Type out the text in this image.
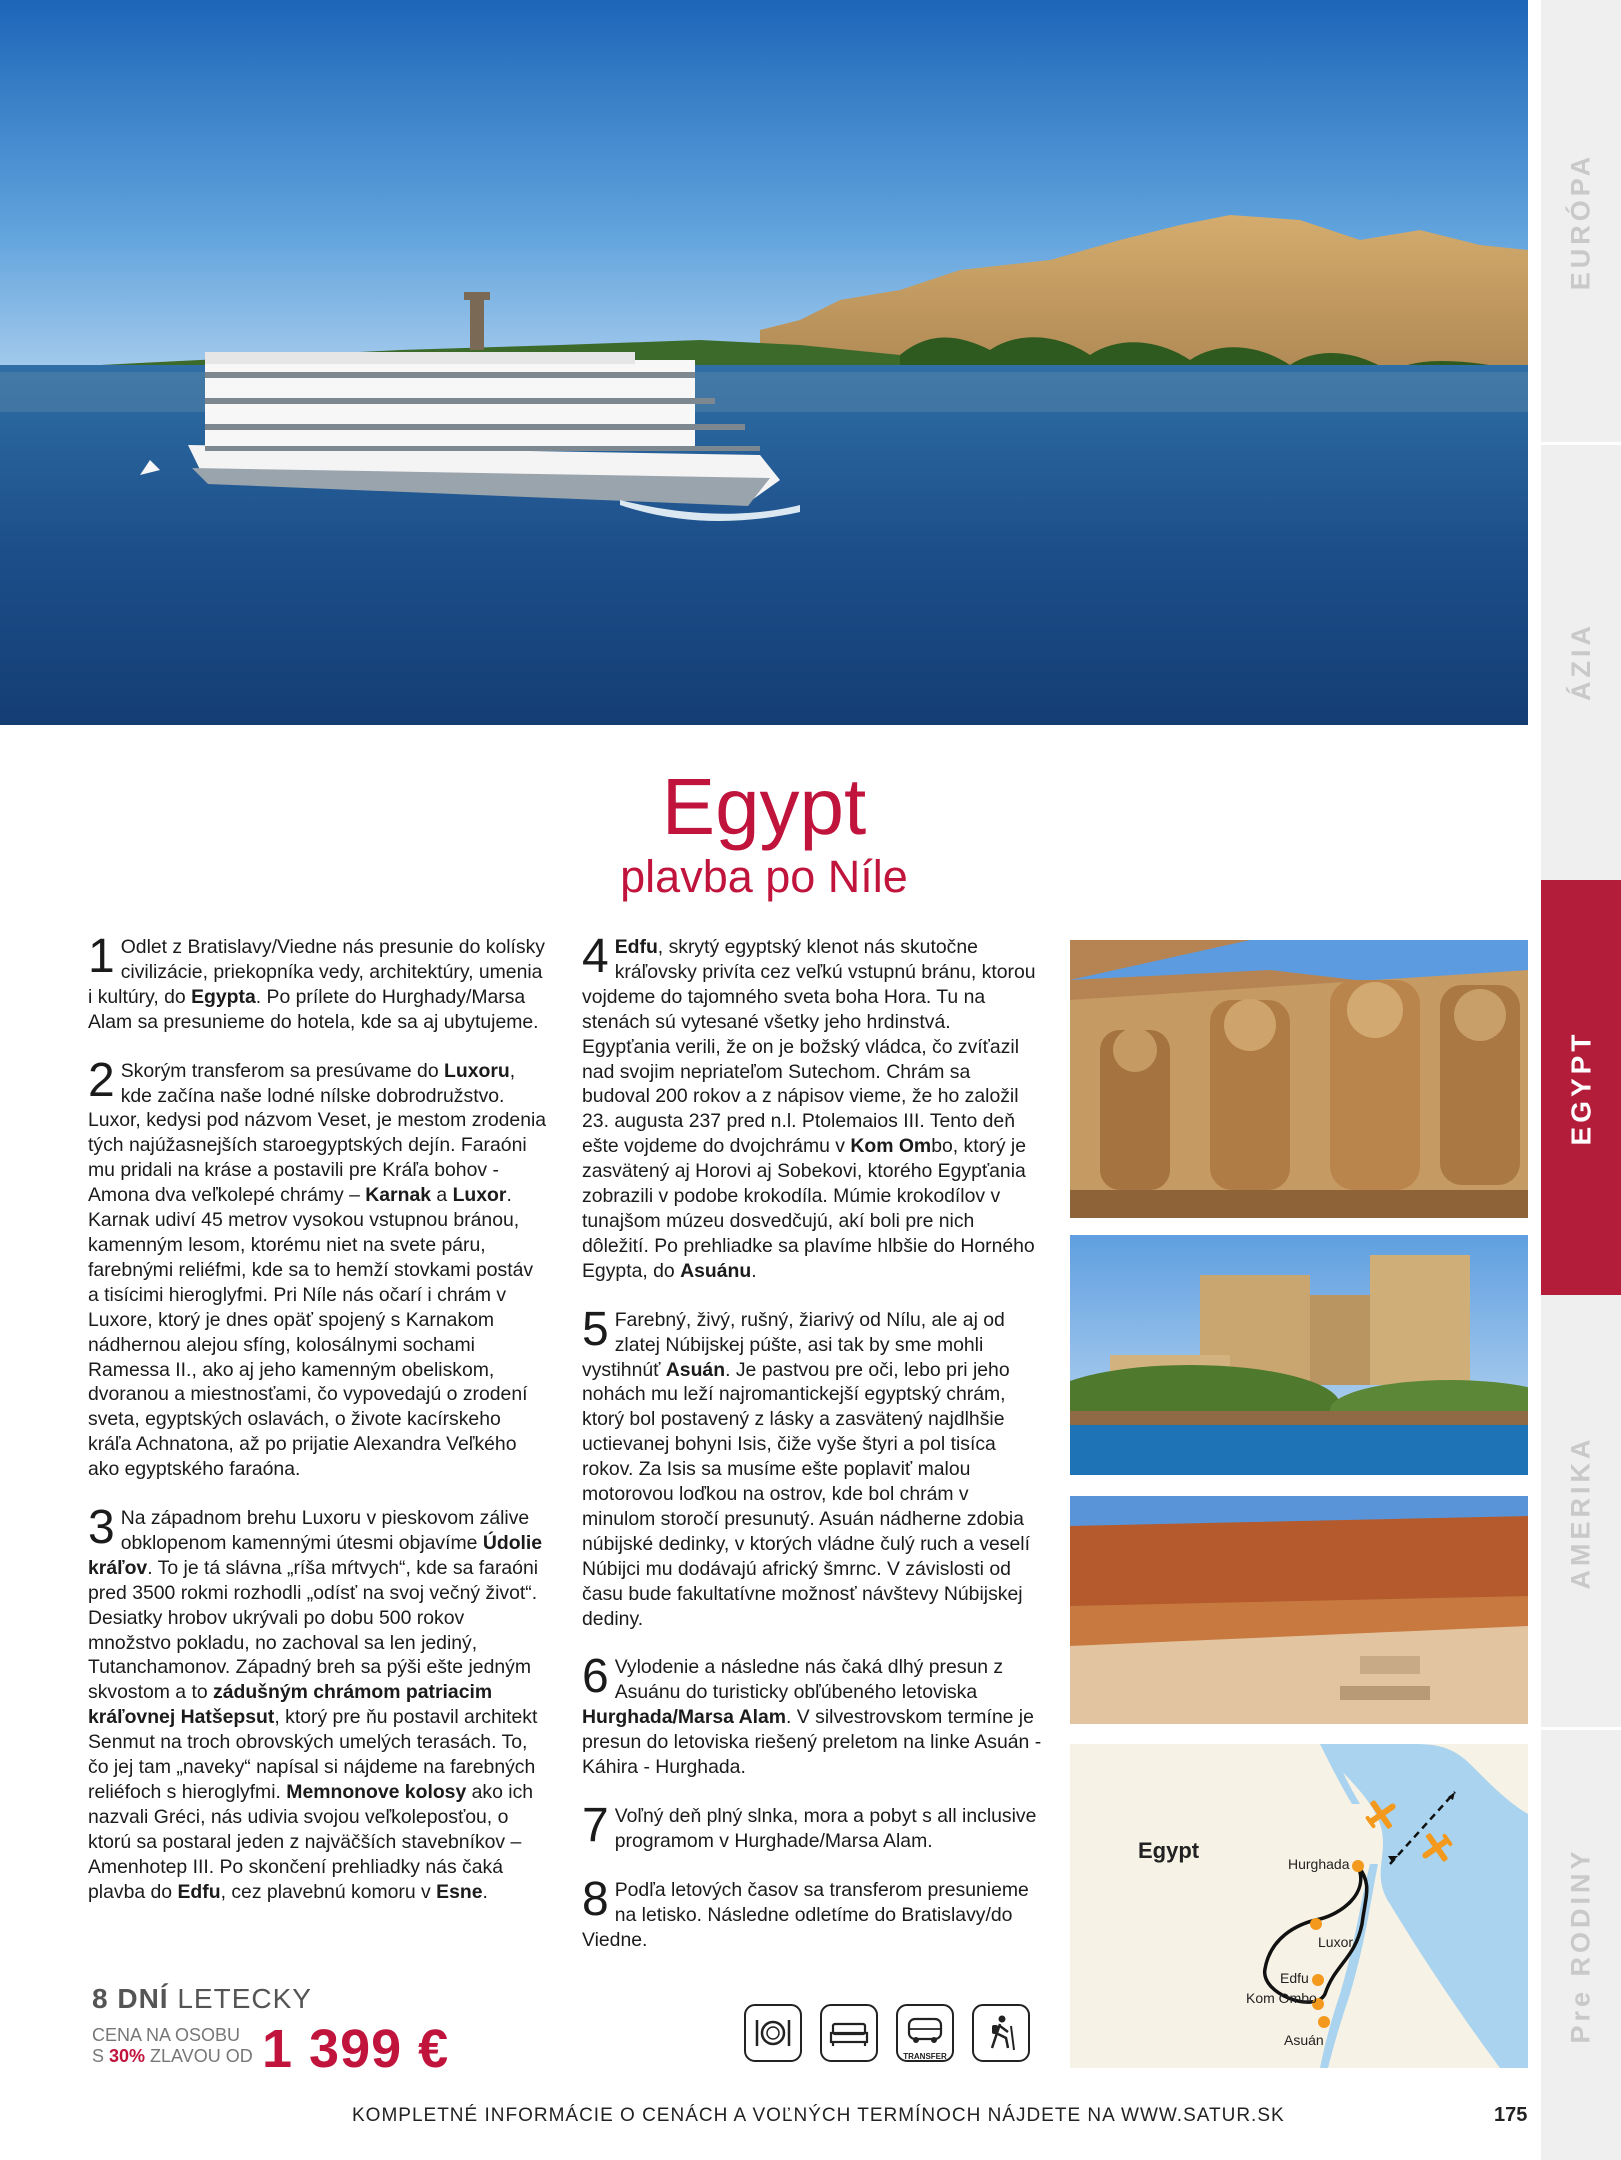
EURÓPA
ÁZIA
EGYPT
AMERIKA
Pre RODINY
Egypt
plavba po Níle
1 Odlet z Bratislavy/Viedne nás presunie do kolísky civilizácie, priekopníka vedy, architektúry, umenia i kultúry, do Egypta. Po prílete do Hurghady/Marsa Alam sa presunieme do hotela, kde sa aj ubytujeme.

2 Skorým transferom sa presúvame do Luxoru, kde začína naše lodné nílske dobrodružstvo. Luxor, kedysi pod názvom Veset, je mestom zrodenia tých najúžasnejších staroegyptských dejín. Faraóni mu pridali na kráse a postavili pre Kráľa bohov - Amona dva veľkolepé chrámy – Karnak a Luxor. Karnak udiví 45 metrov vysokou vstupnou bránou, kamenným lesom, ktorému niet na svete páru, farebnými reliéfmi, kde sa to hemží stovkami postáv a tisícimi hieroglyfmi. Pri Níle nás očarí i chrám v Luxore, ktorý je dnes opäť spojený s Karnakom nádhernou alejou sfíng, kolosálnymi sochami Ramessa II., ako aj jeho kamenným obeliskom, dvoranou a miestnosťami, čo vypovedajú o zrodení sveta, egyptských oslavách, o živote kacírskeho kráľa Achnatona, až po prijatie Alexandra Veľkého ako egyptského faraóna.

3 Na západnom brehu Luxoru v pieskovom zálive obklopenom kamennými útesmi objavíme Údolie kráľov. To je tá slávna „ríša mŕtvych“, kde sa faraóni pred 3500 rokmi rozhodli „odísť na svoj večný život“. Desiatky hrobov ukrývali po dobu 500 rokov množstvo pokladu, no zachoval sa len jediný, Tutanchamonov. Západný breh sa pýši ešte jedným skvostom a to zádušným chrámom patriacim kráľovnej Hatšepsut, ktorý pre ňu postavil architekt Senmut na troch obrovských umelých terasách. To, čo jej tam „naveky“ napísal si nájdeme na farebných reliéfoch s hieroglyfmi. Memnonove kolosy ako ich nazvali Gréci, nás udivia svojou veľkoleposťou, o ktorú sa postaral jeden z najväčších stavebníkov – Amenhotep III. Po skončení prehliadky nás čaká plavba do Edfu, cez plavebnú komoru v Esne.

4 Edfu, skrytý egyptský klenot nás skutočne kráľovsky privíta cez veľkú vstupnú bránu, ktorou vojdeme do tajomného sveta boha Hora. Tu na stenách sú vytesané všetky jeho hrdinstvá. Egypťania verili, že on je božský vládca, čo zvíťazil nad svojim nepriateľom Sutechom. Chrám sa budoval 200 rokov a z nápisov vieme, že ho založil 23. augusta 237 pred n.l. Ptolemaios III. Tento deň ešte vojdeme do dvojchrámu v Kom Ombo, ktorý je zasvätený aj Horovi aj Sobekovi, ktorého Egypťania zobrazili v podobe krokodíla. Múmie krokodílov v tunajšom múzeu dosvedčujú, akí boli pre nich dôležití. Po prehliadke sa plavíme hlbšie do Horného Egypta, do Asuánu.

5 Farebný, živý, rušný, žiarivý od Nílu, ale aj od zlatej Núbijskej púšte, asi tak by sme mohli vystihnúť Asuán. Je pastvou pre oči, lebo pri jeho nohách mu leží najromantickejší egyptský chrám, ktorý bol postavený z lásky a zasvätený najdlhšie uctievanej bohyni Isis, čiže vyše štyri a pol tisíca rokov. Za Isis sa musíme ešte poplaviť malou motorovou loďkou na ostrov, kde bol chrám v minulom storočí presunutý. Asuán nádherne zdobia núbijské dedinky, v ktorých vládne čulý ruch a veselí Núbijci mu dodávajú africký šmrnc. V závislosti od času bude fakultatívne možnosť návštevy Núbijskej dediny.

6 Vylodenie a následne nás čaká dlhý presun z Asuánu do turisticky obľúbeného letoviska Hurghada/Marsa Alam. V silvestrovskom termíne je presun do letoviska riešený preletom na linke Asuán - Káhira - Hurghada.

7 Voľný deň plný slnka, mora a pobyt s all inclusive programom v Hurghade/Marsa Alam.

8 Podľa letových časov sa transferom presunieme na letisko. Následne odletíme do Bratislavy/do Viedne.

Egypt
Hurghada
Luxor
Edfu
Kom Ombo
Asuán
8 DNÍ LETECKY
CENA NA OSOBU
S 30% ZLAVOU OD 1 399 €	TRANSFER
KOMPLETNÉ INFORMÁCIE O CENÁCH A VOĽNÝCH TERMÍNOCH NÁJDETE NA WWW.SATUR.SK	175
